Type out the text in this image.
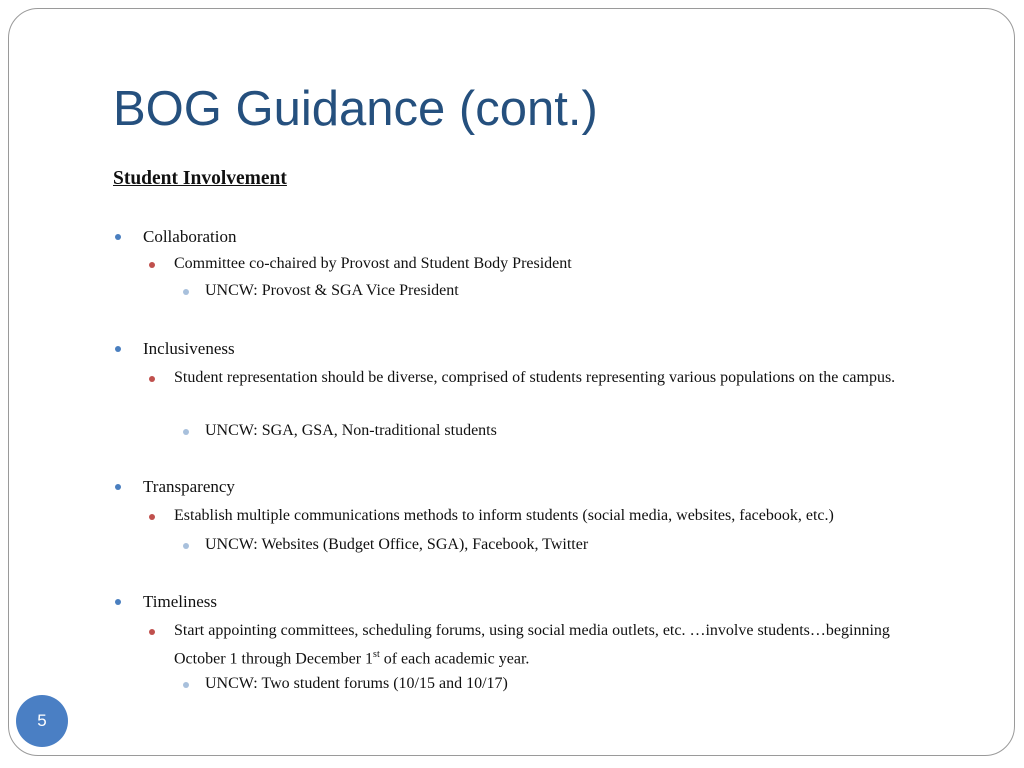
BOG Guidance (cont.)
Student Involvement
Collaboration
Committee co-chaired by Provost and Student Body President
UNCW: Provost & SGA Vice President
Inclusiveness
Student representation should be diverse, comprised of students representing various populations on the campus.
UNCW: SGA, GSA, Non-traditional students
Transparency
Establish multiple communications methods to inform students (social media, websites, facebook, etc.)
UNCW: Websites (Budget Office, SGA), Facebook, Twitter
Timeliness
Start appointing committees, scheduling forums, using social media outlets, etc. …involve students…beginning October 1 through December 1st of each academic year.
UNCW: Two student forums (10/15 and 10/17)
5
